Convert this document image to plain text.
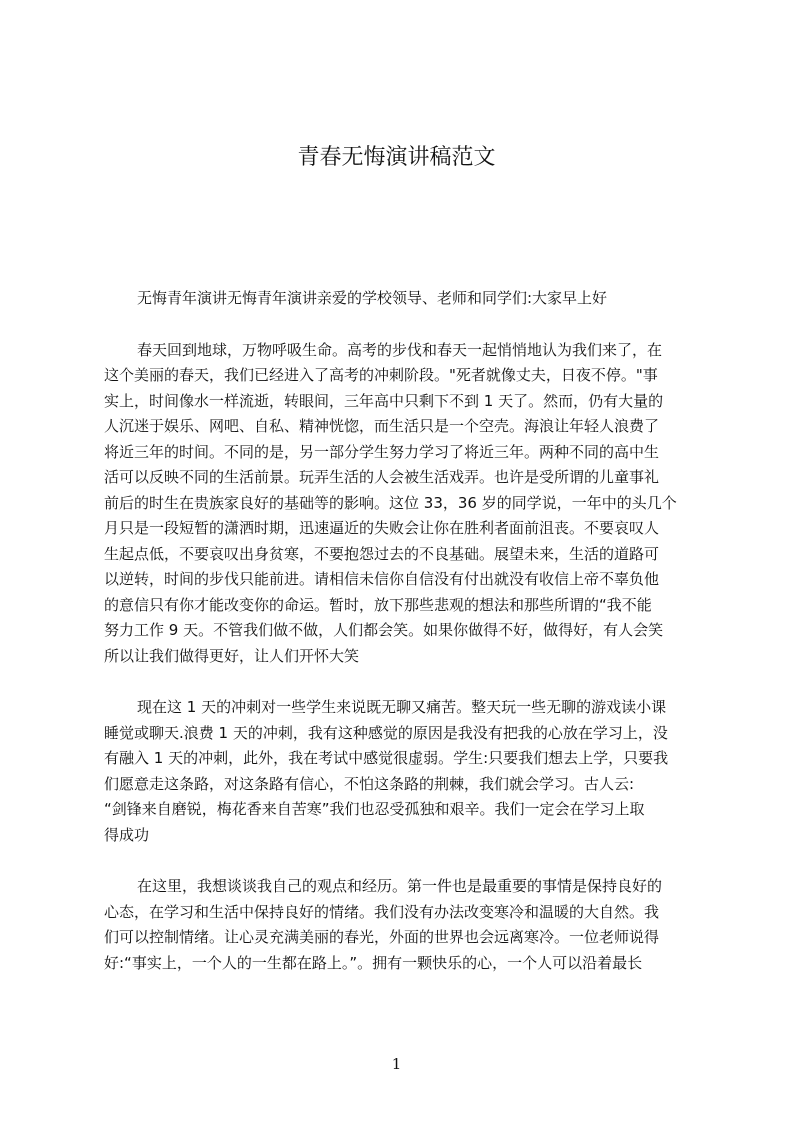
青春无悔演讲稿范文

无悔青年演讲无悔青年演讲亲爱的学校领导、老师和同学们:大家早上好

春天回到地球，万物呼吸生命。高考的步伐和春天一起悄悄地认为我们来了，在
这个美丽的春天，我们已经进入了高考的冲刺阶段。"死者就像丈夫，日夜不停。"事
实上，时间像水一样流逝，转眼间，三年高中只剩下不到 1 天了。然而，仍有大量的
人沉迷于娱乐、网吧、自私、精神恍惚，而生活只是一个空壳。海浪让年轻人浪费了
将近三年的时间。不同的是，另一部分学生努力学习了将近三年。两种不同的高中生
活可以反映不同的生活前景。玩弄生活的人会被生活戏弄。也许是受所谓的儿童事礼
前后的时生在贵族家良好的基础等的影响。这位 33，36 岁的同学说，一年中的头几个
月只是一段短暂的潇洒时期，迅速逼近的失败会让你在胜利者面前沮丧。不要哀叹人
生起点低，不要哀叹出身贫寒，不要抱怨过去的不良基础。展望未来，生活的道路可
以逆转，时间的步伐只能前进。请相信未信你自信没有付出就没有收信上帝不辜负他
的意信只有你才能改变你的命运。暂时，放下那些悲观的想法和那些所谓的“我不能
努力工作 9 天。不管我们做不做，人们都会笑。如果你做得不好，做得好，有人会笑
所以让我们做得更好，让人们开怀大笑

现在这 1 天的冲刺对一些学生来说既无聊又痛苦。整天玩一些无聊的游戏读小课
睡觉或聊天.浪费 1 天的冲刺，我有这种感觉的原因是我没有把我的心放在学习上，没
有融入 1 天的冲刺，此外，我在考试中感觉很虚弱。学生:只要我们想去上学，只要我
们愿意走这条路，对这条路有信心，不怕这条路的荆棘，我们就会学习。古人云:
“剑锋来自磨锐，梅花香来自苦寒”我们也忍受孤独和艰辛。我们一定会在学习上取
得成功

在这里，我想谈谈我自己的观点和经历。第一件也是最重要的事情是保持良好的
心态，在学习和生活中保持良好的情绪。我们没有办法改变寒冷和温暖的大自然。我
们可以控制情绪。让心灵充满美丽的春光，外面的世界也会远离寒冷。一位老师说得
好:“事实上，一个人的一生都在路上。”。拥有一颗快乐的心，一个人可以沿着最长

1
